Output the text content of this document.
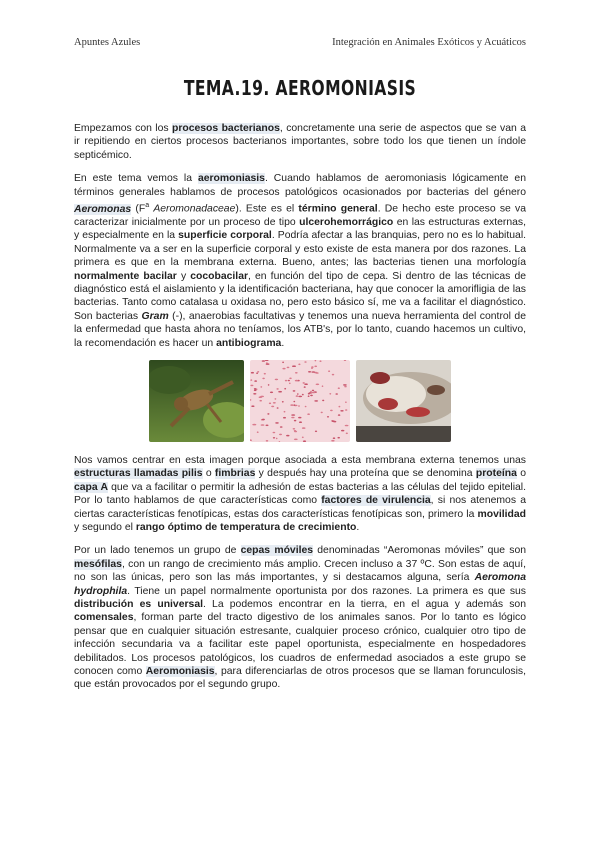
Apuntes Azules	Integración en Animales Exóticos y Acuáticos
TEMA.19. AEROMONIASIS

Empezamos con los procesos bacterianos, concretamente una serie de aspectos que se van a ir repitiendo en ciertos procesos bacterianos importantes, sobre todo los que tienen un índole septicémico.

En este tema vemos la aeromoniasis. Cuando hablamos de aeromoniasis lógicamente en términos generales hablamos de procesos patológicos ocasionados por bacterias del género Aeromonas ($F^a$ Aeromonadaceae). Este es el término general. De hecho este proceso se va caracterizar inicialmente por un proceso de tipo ulcerohemorrágico en las estructuras externas, y especialmente en la superficie corporal. Podría afectar a las branquias, pero no es lo habitual. Normalmente va a ser en la superficie corporal y esto existe de esta manera por dos razones. La primera es que en la membrana externa. Bueno, antes; las bacterias tienen una morfología normalmente bacilar y cocobacilar, en función del tipo de cepa. Si dentro de las técnicas de diagnóstico está el aislamiento y la identificación bacteriana, hay que conocer la amorifligia de las bacterias. Tanto como catalasa u oxidasa no, pero esto básico sí, me va a facilitar el diagnóstico. Son bacterias Gram (-), anaerobias facultativas y tenemos una nueva herramienta del control de la enfermedad que hasta ahora no teníamos, los ATB's, por lo tanto, cuando hacemos un cultivo, la recomendación es hacer un antibiograma.

Nos vamos centrar en esta imagen porque asociada a esta membrana externa tenemos unas estructuras llamadas pilis o fimbrias y después hay una proteína que se denomina proteína o capa A que va a facilitar o permitir la adhesión de estas bacterias a las células del tejido epitelial. Por lo tanto hablamos de que características como factores de virulencia, si nos atenemos a ciertas características fenotípicas, estas dos características fenotípicas son, primero la movilidad y segundo el rango óptimo de temperatura de crecimiento.

Por un lado tenemos un grupo de cepas móviles denominadas “Aeromonas móviles” que son mesófilas, con un rango de crecimiento más amplio. Crecen incluso a 37 ºC. Son estas de aquí, no son las únicas, pero son las más importantes, y si destacamos alguna, sería Aeromona hydrophila. Tiene un papel normalmente oportunista por dos razones. La primera es que sus distribución es universal. La podemos encontrar en la tierra, en el agua y además son comensales, forman parte del tracto digestivo de los animales sanos. Por lo tanto es lógico pensar que en cualquier situación estresante, cualquier proceso crónico, cualquier otro tipo de infección secundaria va a facilitar este papel oportunista, especialmente en hospedadores debilitados. Los procesos patológicos, los cuadros de enfermedad asociados a este grupo se conocen como Aeromoniasis, para diferenciarlas de otros procesos que se llaman forunculosis, que están provocados por el segundo grupo.
